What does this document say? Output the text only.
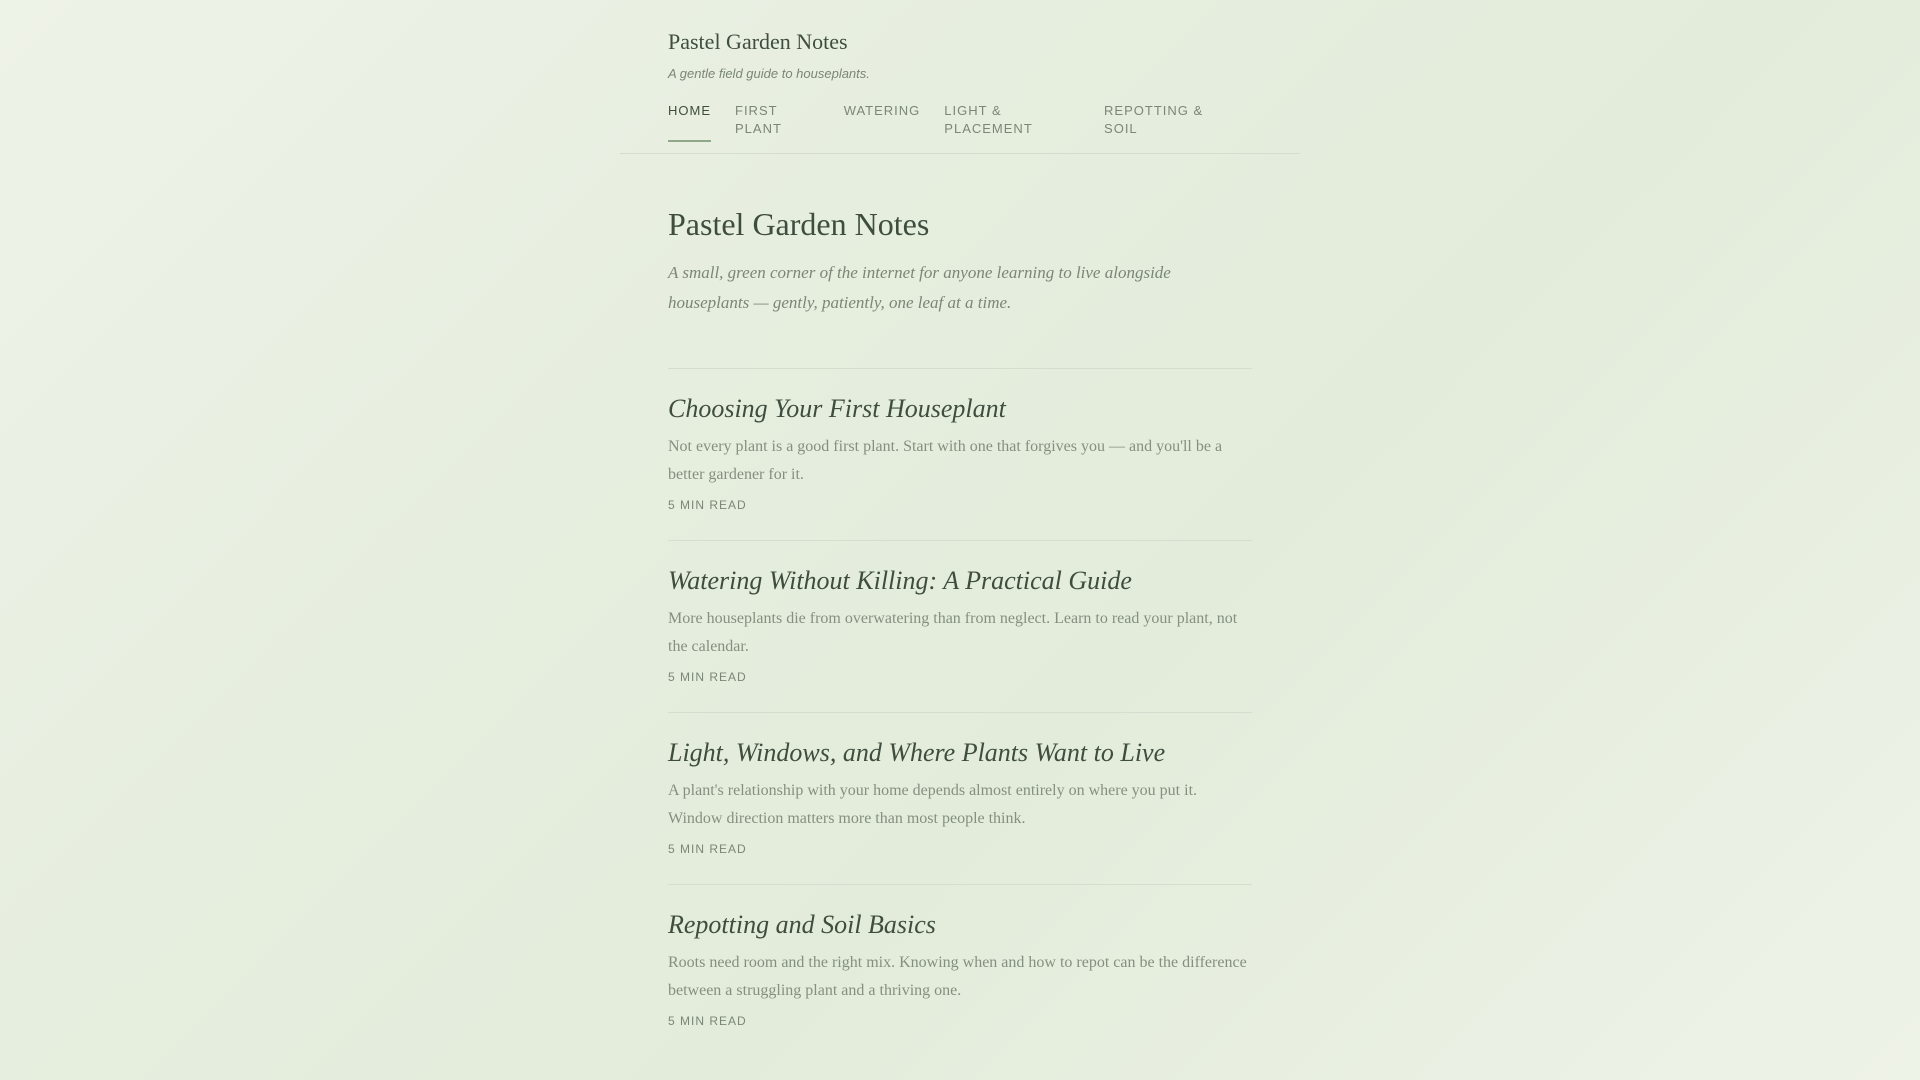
Pastel Garden Notes
A gentle field guide to houseplants.
HOME FIRST PLANT
WATERING LIGHT & PLACEMENT
REPOTTING & SOIL
Pastel Garden Notes

A small, green corner of the internet for anyone learning to live alongside houseplants — gently, patiently, one leaf at a time.

Choosing Your First Houseplant

Not every plant is a good first plant. Start with one that forgives you — and you'll be a better gardener for it.

5 MIN READ
Watering Without Killing: A Practical Guide

More houseplants die from overwatering than from neglect. Learn to read your plant, not the calendar.

5 MIN READ
Light, Windows, and Where Plants Want to Live

A plant's relationship with your home depends almost entirely on where you put it. Window direction matters more than most people think.

5 MIN READ
Repotting and Soil Basics

Roots need room and the right mix. Knowing when and how to repot can be the difference between a struggling plant and a thriving one.

5 MIN READ
